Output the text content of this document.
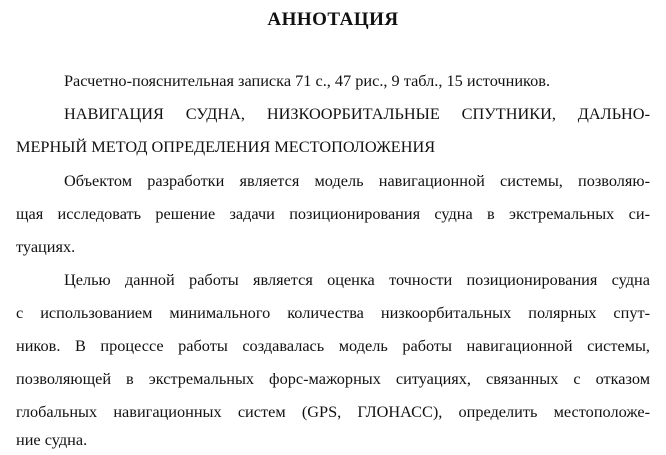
АННОТАЦИЯ
Расчетно-пояснительная записка 71 с., 47 рис., 9 табл., 15 источников.
НАВИГАЦИЯ СУДНА, НИЗКООРБИТАЛЬНЫЕ СПУТНИКИ, ДАЛЬНО-
МЕРНЫЙ МЕТОД ОПРЕДЕЛЕНИЯ МЕСТОПОЛОЖЕНИЯ
Объектом разработки является модель навигационной системы, позволяю-
щая исследовать решение задачи позиционирования судна в экстремальных си-
туациях.
Целью данной работы является оценка точности позиционирования судна
с использованием минимального количества низкоорбитальных полярных спут-
ников. В процессе работы создавалась модель работы навигационной системы,
позволяющей в экстремальных форс-мажорных ситуациях, связанных с отказом
глобальных навигационных систем (GPS, ГЛОНАСС), определить местоположе-
ние судна.
